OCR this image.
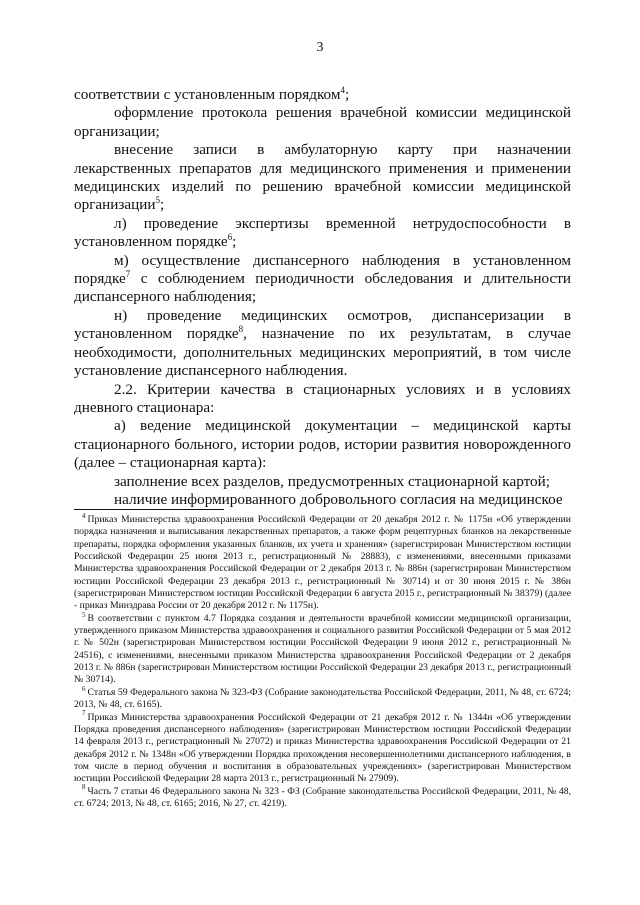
3

соответствии с установленным порядком$^4$;

оформление протокола решения врачебной комиссии медицинской организации;

внесение записи в амбулаторную карту при назначении лекарственных препаратов для медицинского применения и применении медицинских изделий по решению врачебной комиссии медицинской организации$^5$;

л) проведение экспертизы временной нетрудоспособности в установленном порядке$^6$;

м) осуществление диспансерного наблюдения в установленном порядке$^7$ с соблюдением периодичности обследования и длительности диспансерного наблюдения;

н) проведение медицинских осмотров, диспансеризации в установленном порядке$^8$, назначение по их результатам, в случае необходимости, дополнительных медицинских мероприятий, в том числе установление диспансерного наблюдения.

2.2. Критерии качества в стационарных условиях и в условиях дневного стационара:

а) ведение медицинской документации – медицинской карты стационарного больного, истории родов, истории развития новорожденного (далее – стационарная карта):

заполнение всех разделов, предусмотренных стационарной картой;

наличие информированного добровольного согласия на медицинское

$^4$ Приказ Министерства здравоохранения Российской Федерации от 20 декабря 2012 г. № 1175н «Об утверждении порядка назначения и выписывания лекарственных препаратов, а также форм рецептурных бланков на лекарственные препараты, порядка оформления указанных бланков, их учета и хранения» (зарегистрирован Министерством юстиции Российской Федерации 25 июня 2013 г., регистрационный № 28883), с изменениями, внесенными приказами Министерства здравоохранения Российской Федерации от 2 декабря 2013 г. № 886н (зарегистрирован Министерством юстиции Российской Федерации 23 декабря 2013 г., регистрационный № 30714) и от 30 июня 2015 г. № 386н (зарегистрирован Министерством юстиции Российской Федерации 6 августа 2015 г., регистрационный № 38379) (далее - приказ Минздрава России от 20 декабря 2012 г. № 1175н).

$^5$ В соответствии с пунктом 4.7 Порядка создания и деятельности врачебной комиссии медицинской организации, утвержденного приказом Министерства здравоохранения и социального развития Российской Федерации от 5 мая 2012 г. № 502н (зарегистрирован Министерством юстиции Российской Федерации 9 июня 2012 г., регистрационный № 24516), с изменениями, внесенными приказом Министерства здравоохранения Российской Федерации от 2 декабря 2013 г. № 886н (зарегистрирован Министерством юстиции Российской Федерации 23 декабря 2013 г., регистрационный № 30714).

$^6$ Статья 59 Федерального закона № 323-ФЗ (Собрание законодательства Российской Федерации, 2011, № 48, ст. 6724; 2013, № 48, ст. 6165).

$^7$ Приказ Министерства здравоохранения Российской Федерации от 21 декабря 2012 г. № 1344н «Об утверждении Порядка проведения диспансерного наблюдения» (зарегистрирован Министерством юстиции Российской Федерации 14 февраля 2013 г., регистрационный № 27072) и приказ Министерства здравоохранения Российской Федерации от 21 декабря 2012 г. № 1348н «Об утверждении Порядка прохождения несовершеннолетними диспансерного наблюдения, в том числе в период обучения и воспитания в образовательных учреждениях» (зарегистрирован Министерством юстиции Российской Федерации 28 марта 2013 г., регистрационный № 27909).

$^8$ Часть 7 статьи 46 Федерального закона № 323 - ФЗ (Собрание законодательства Российской Федерации, 2011, № 48, ст. 6724; 2013, № 48, ст. 6165; 2016, № 27, ст. 4219).
